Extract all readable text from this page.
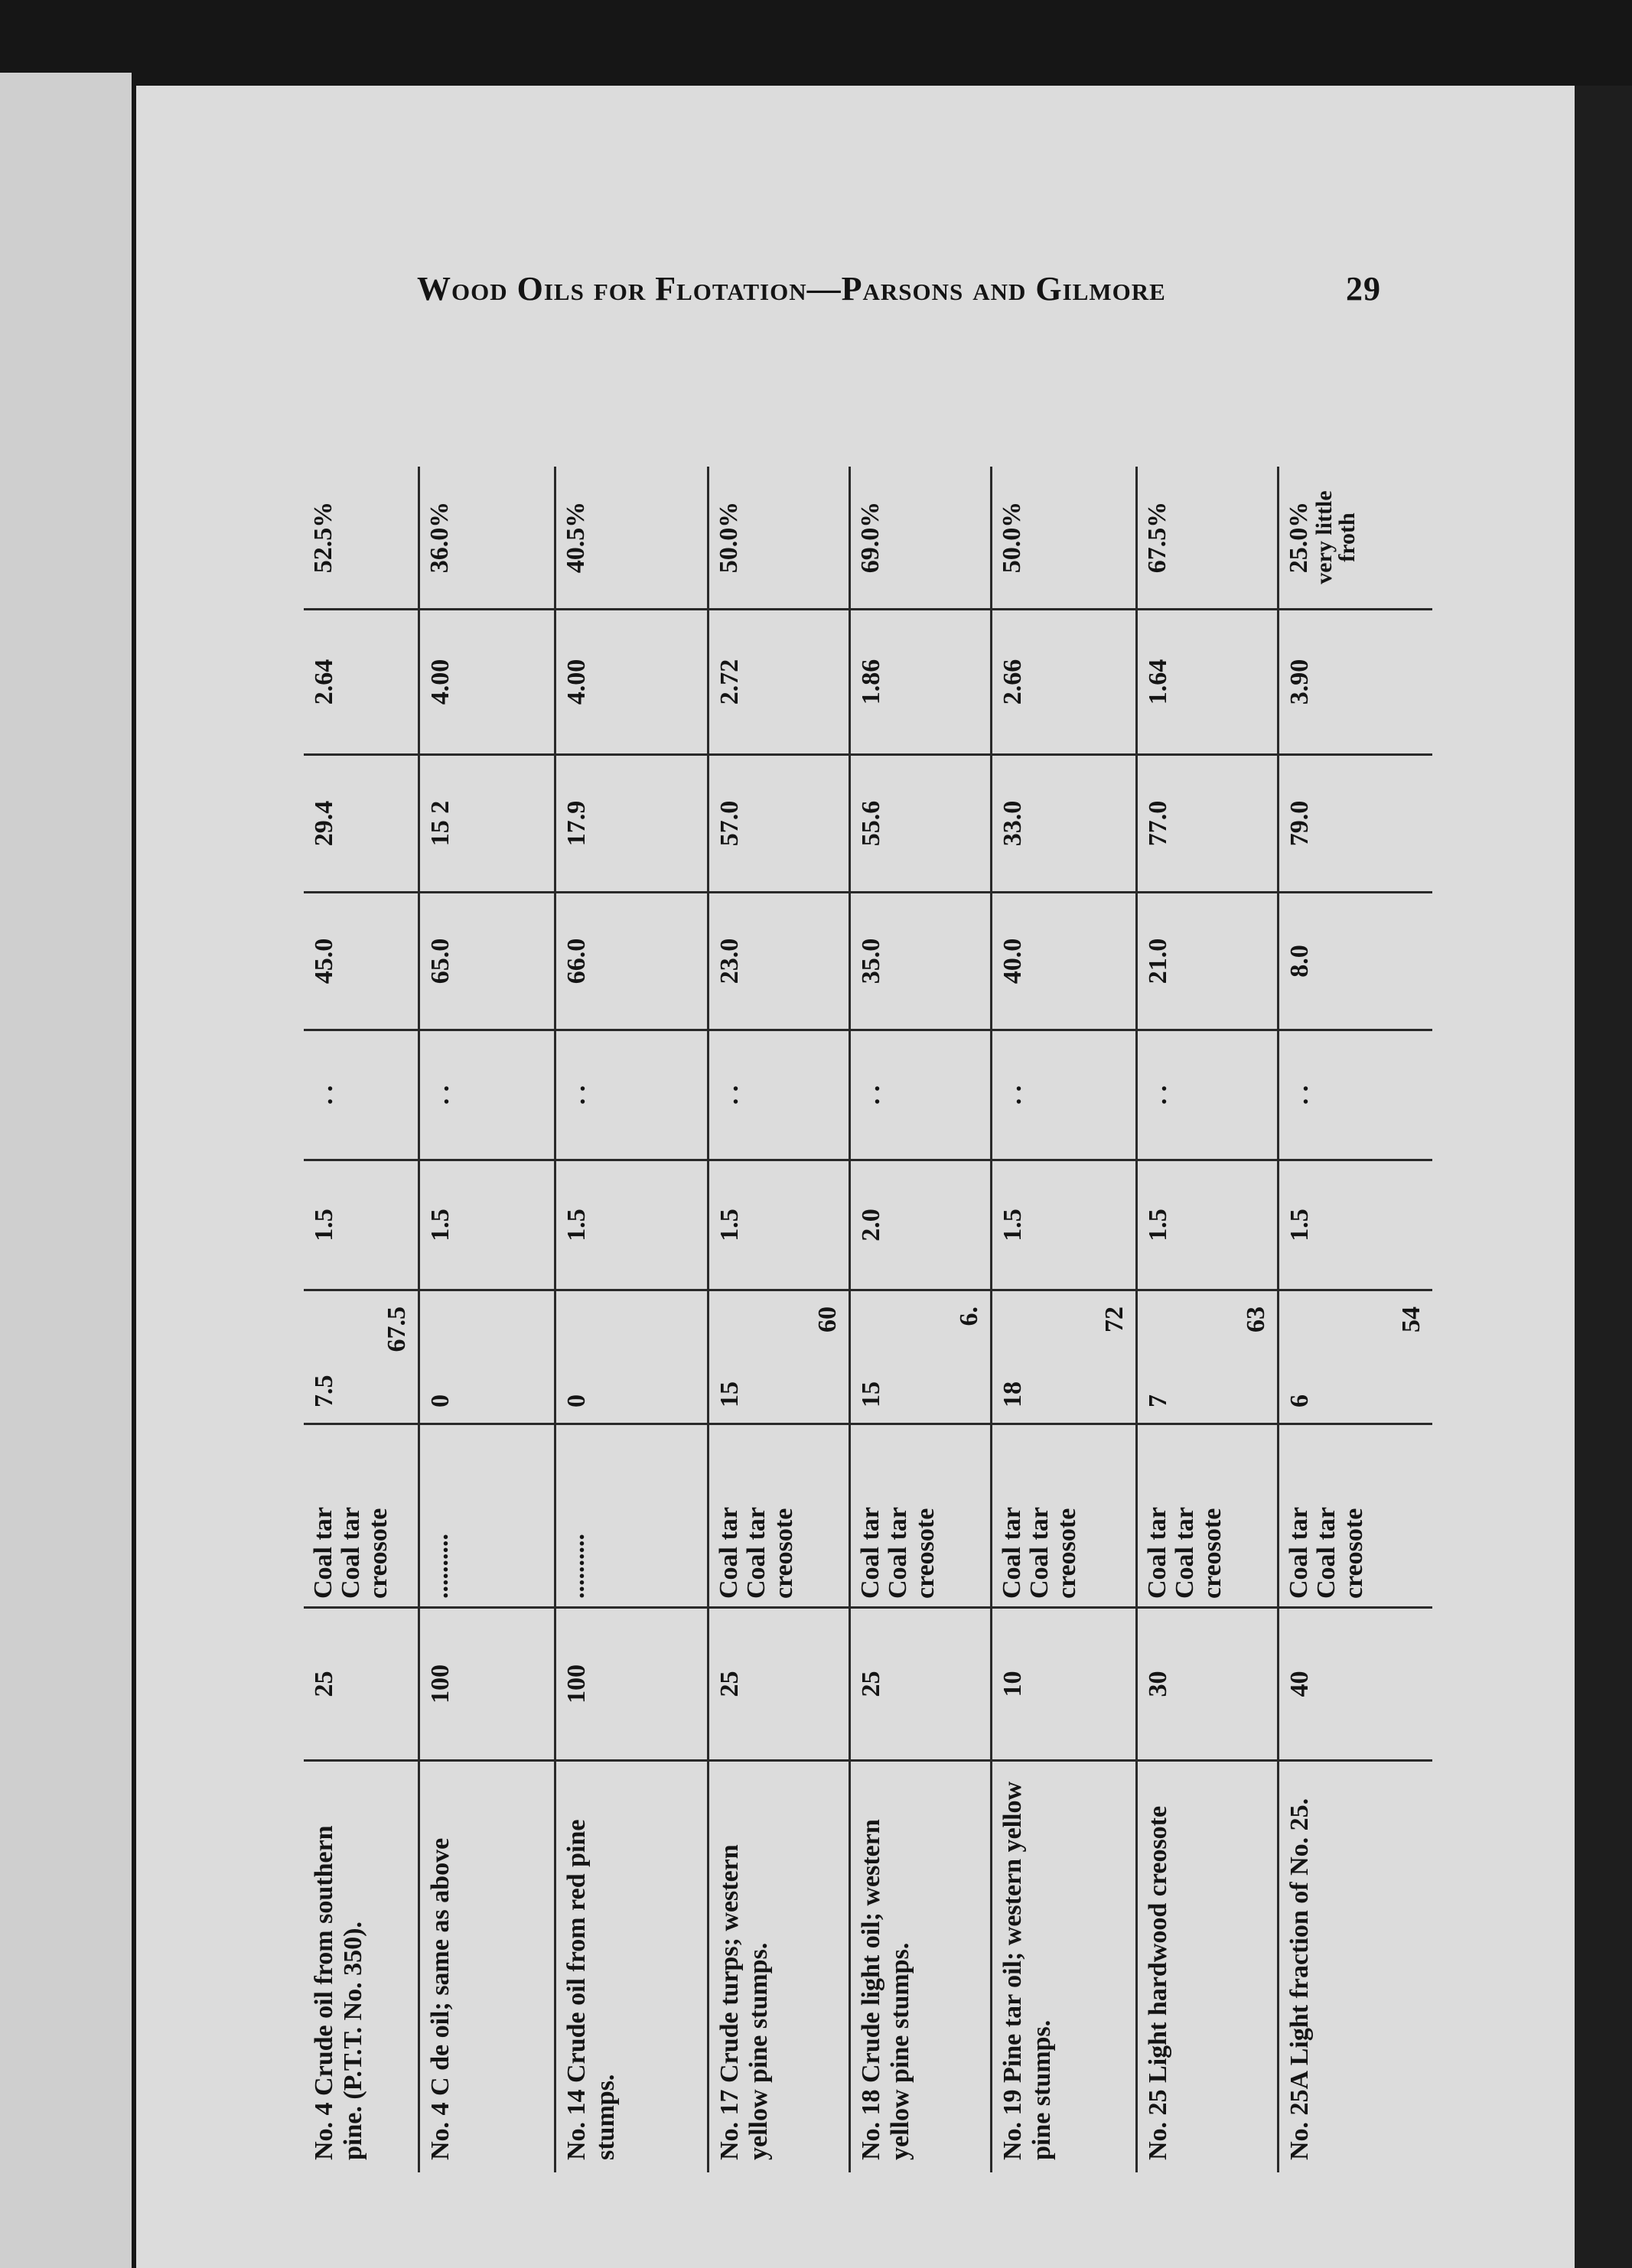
Wood Oils for Flotation—Parsons and Gilmore	29
No. 4 Crude oil from southern pine. (P.T.T. No. 350).
25
Coal tar Coal tar creosote
7.5
67.5
1.5
. .
45.0
29.4
2.64
52.5%
No. 4 C de oil; same as above
100
..........
0
1.5
. .
65.0
15 2
4.00
36.0%
No. 14 Crude oil from red pine stumps.
100
..........
0
1.5
. .
66.0
17.9
4.00
40.5%
No. 17 Crude turps; western yellow pine stumps.
25
Coal tar Coal tar creosote
15
60
1.5
. .
23.0
57.0
2.72
50.0%
No. 18 Crude light oil; western yellow pine stumps.
25
Coal tar Coal tar creosote
15
6.
2.0
. .
35.0
55.6
1.86
69.0%
No. 19 Pine tar oil; western yellow pine stumps.
10
Coal tar Coal tar creosote
18
72
1.5
. .
40.0
33.0
2.66
50.0%
No. 25 Light hardwood creosote
30
Coal tar Coal tar creosote
7
63
1.5
. .
21.0
77.0
1.64
67.5%
No. 25A Light fraction of No. 25.
40
Coal tar Coal tar creosote
6
54
1.5
. .
8.0
79.0
3.90
25.0%
very little froth
